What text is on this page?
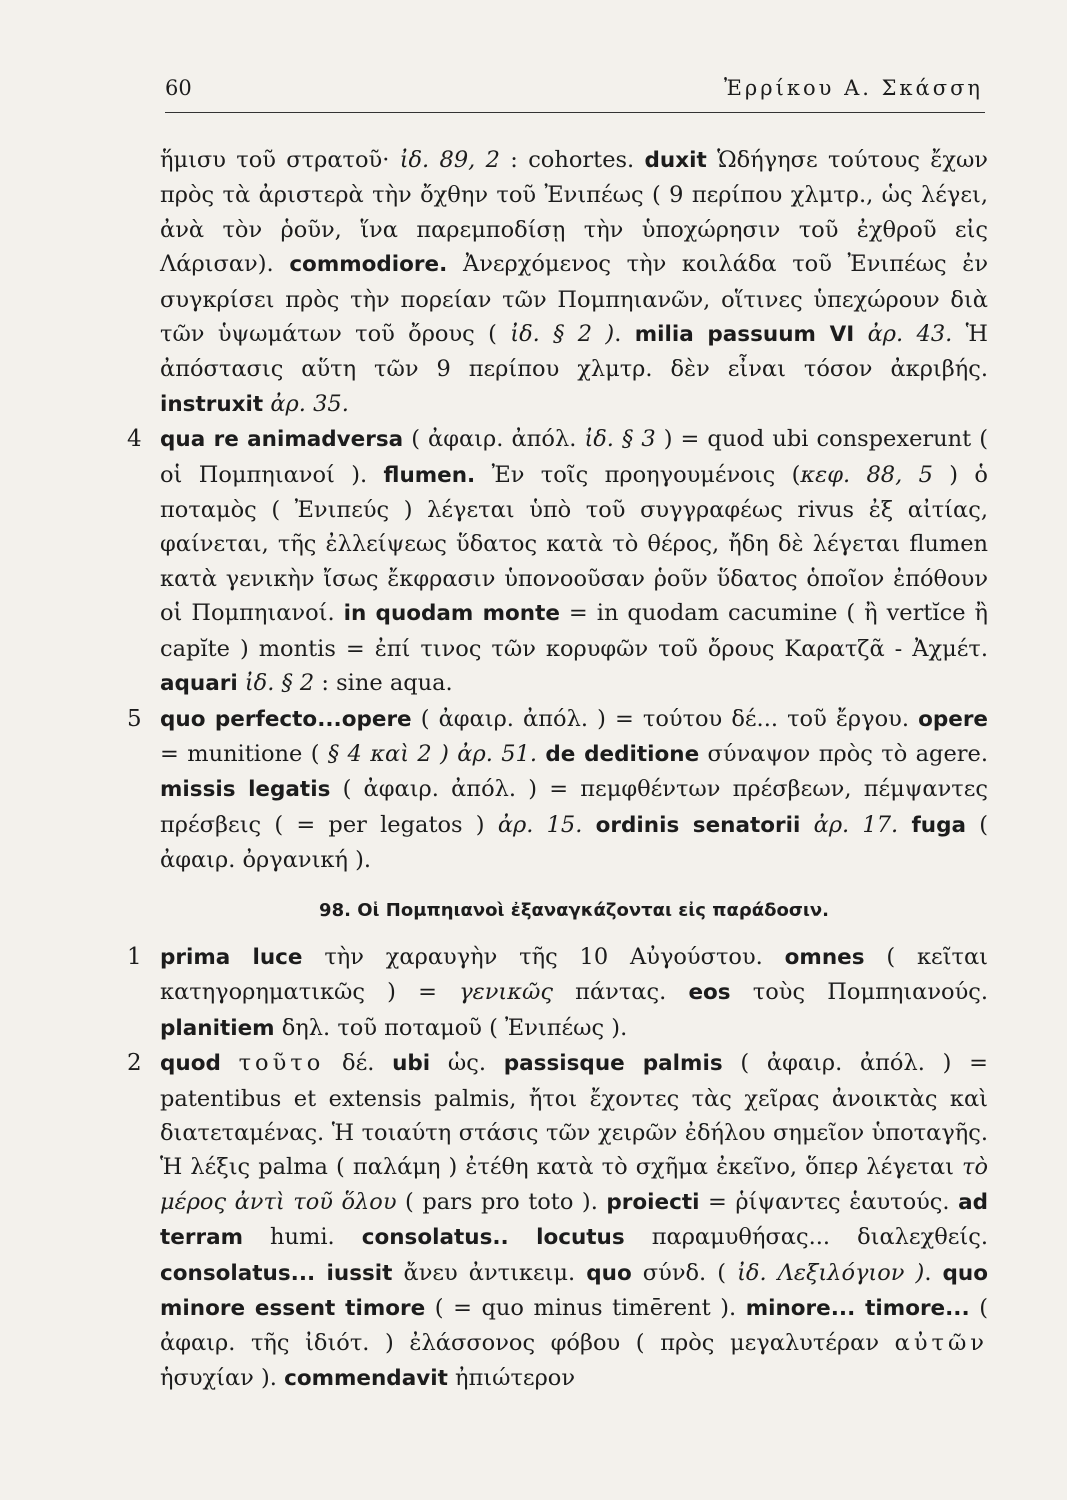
60	Ἐρρίκου Α. Σκάσση

ἥμισυ τοῦ στρατοῦ· ἰδ. 89, 2 : cohortes. duxit Ὡδήγησε τούτους ἔχων πρὸς τὰ ἀριστερὰ τὴν ὄχθην τοῦ Ἐνιπέως ( 9 περίπου χλμτρ., ὡς λέγει, ἀνὰ τὸν ῥοῦν, ἵνα παρεμποδίσῃ τὴν ὑποχώρησιν τοῦ ἐχθροῦ εἰς Λάρισαν). commodiore. Ἀνερχόμενος τὴν κοιλάδα τοῦ Ἐνιπέως ἐν συγκρίσει πρὸς τὴν πορείαν τῶν Πομπηιανῶν, οἵτινες ὑπεχώρουν διὰ τῶν ὑψωμάτων τοῦ ὄρους ( ἰδ. § 2 ). milia passuum VI ἀρ. 43. Ἡ ἀπόστασις αὕτη τῶν 9 περίπου χλμτρ. δὲν εἶναι τόσον ἀκριβής. instruxit ἀρ. 35.

4 qua re animadversa ( ἀφαιρ. ἀπόλ. ἰδ. § 3 ) = quod ubi conspexerunt ( οἱ Πομπηιανοί ). flumen. Ἐν τοῖς προηγουμένοις (κεφ. 88, 5 ) ὁ ποταμὸς ( Ἐνιπεύς ) λέγεται ὑπὸ τοῦ συγγραφέως rivus ἐξ αἰτίας, φαίνεται, τῆς ἐλλείψεως ὕδατος κατὰ τὸ θέρος, ἤδη δὲ λέγεται flumen κατὰ γενικὴν ἴσως ἔκφρασιν ὑπονοοῦσαν ῥοῦν ὕδατος ὁποῖον ἐπόθουν οἱ Πομπηιανοί. in quodam monte = in quodam cacumine ( ἢ vertĭce ἢ capĭte ) montis = ἐπί τινος τῶν κορυφῶν τοῦ ὄρους Καρατζᾶ - Ἀχμέτ. aquari ἰδ. § 2 : sine aqua.

5 quo perfecto...opere ( ἀφαιρ. ἀπόλ. ) = τούτου δέ... τοῦ ἔργου. opere = munitione ( § 4 καὶ 2 ) ἀρ. 51. de deditione σύναψον πρὸς τὸ agere. missis legatis ( ἀφαιρ. ἀπόλ. ) = πεμφθέντων πρέσβεων, πέμψαντες πρέσβεις ( = per legatos ) ἀρ. 15. ordinis senatorii ἀρ. 17. fuga ( ἀφαιρ. ὀργανική ).

98. Οἱ Πομπηιανοὶ ἐξαναγκάζονται εἰς παράδοσιν.

1 prima luce τὴν χαραυγὴν τῆς 10 Αὐγούστου. omnes ( κεῖται κατηγορηματικῶς ) = γενικῶς πάντας. eos τοὺς Πομπηιανούς. planitiem δηλ. τοῦ ποταμοῦ ( Ἐνιπέως ).

2 quod τοῦτο δέ. ubi ὡς. passisque palmis ( ἀφαιρ. ἀπόλ. ) = patentibus et extensis palmis, ἤτοι ἔχοντες τὰς χεῖρας ἀνοικτὰς καὶ διατεταμένας. Ἡ τοιαύτη στάσις τῶν χειρῶν ἐδήλου σημεῖον ὑποταγῆς. Ἡ λέξις palma ( παλάμη ) ἐτέθη κατὰ τὸ σχῆμα ἐκεῖνο, ὅπερ λέγεται τὸ μέρος ἀντὶ τοῦ ὅλου ( pars pro toto ). proiecti = ῥίψαντες ἑαυτούς. ad terram humi. consolatus.. locutus παραμυθήσας... διαλεχθείς. consolatus... iussit ἄνευ ἀντικειμ. quo σύνδ. ( ἰδ. Λεξιλόγιον ). quo minore essent timore ( = quo minus timērent ). minore... timore... ( ἀφαιρ. τῆς ἰδιότ. ) ἐλάσσονος φόβου ( πρὸς μεγαλυτέραν αὐτῶν ἡσυχίαν ). commendavit ἠπιώτερον
